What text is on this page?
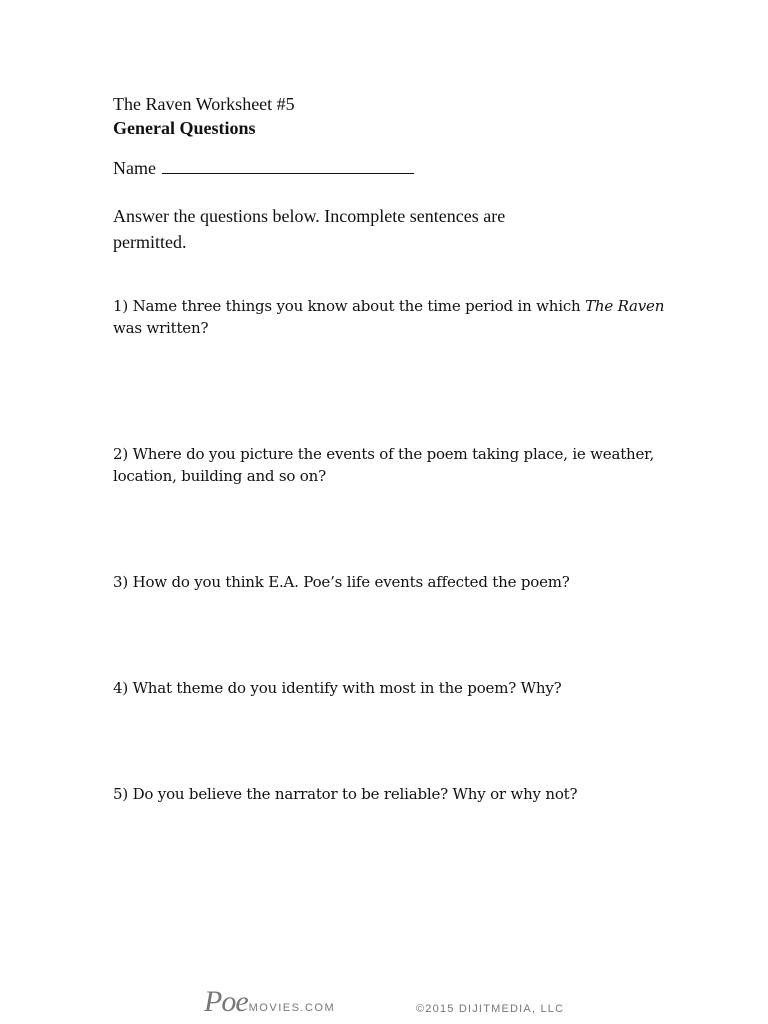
The Raven Worksheet #5
General Questions
Name
Answer the questions below. Incomplete sentences are permitted.
1) Name three things you know about the time period in which The Raven was written?
2) Where do you picture the events of the poem taking place, ie weather, location, building and so on?
3) How do you think E.A. Poe’s life events affected the poem?
4) What theme do you identify with most in the poem? Why?
5) Do you believe the narrator to be reliable? Why or why not?
PoeMOVIES.COM	©2015 DIJITMEDIA, LLC
